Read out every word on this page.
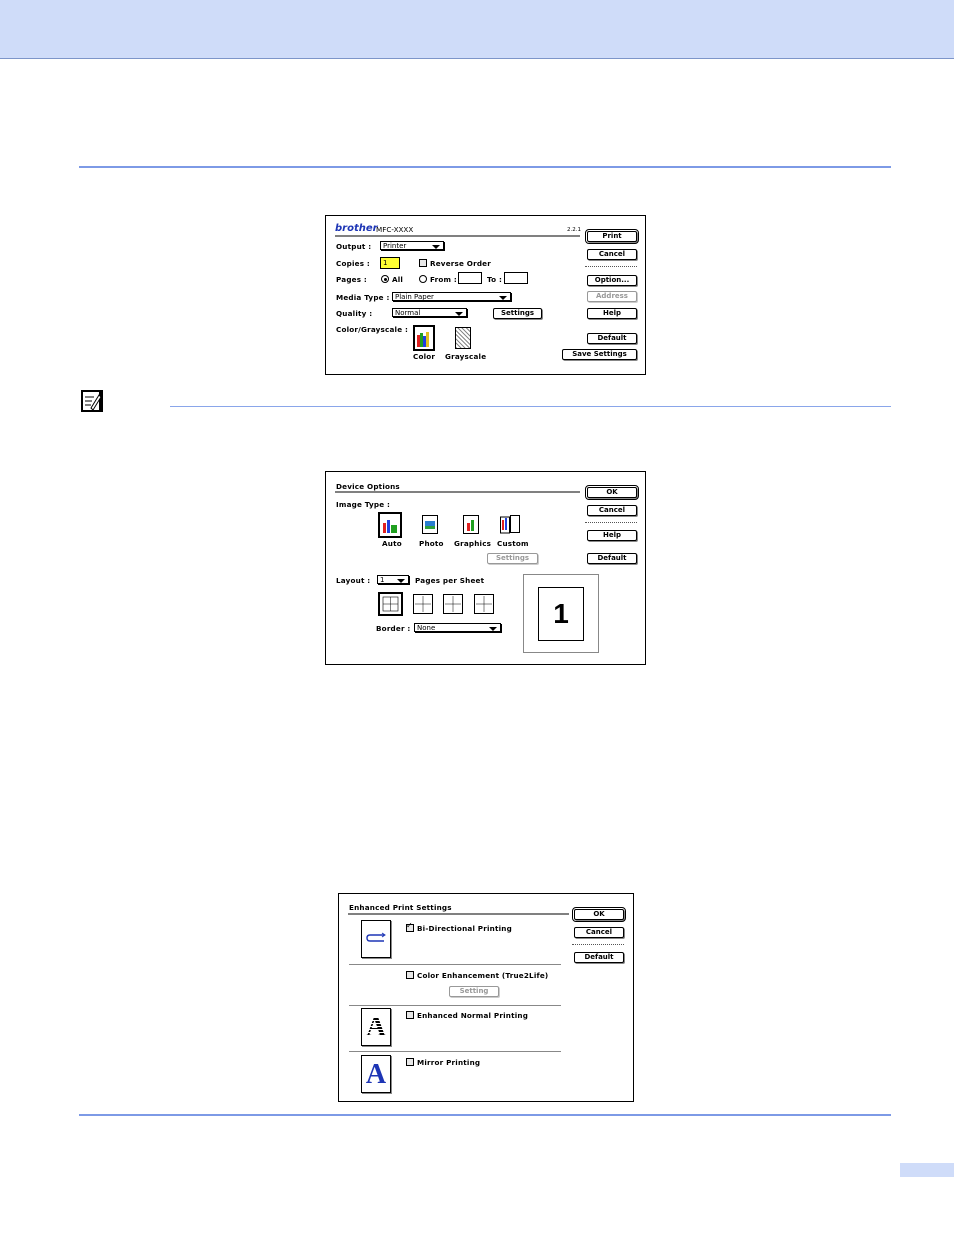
brother
MFC-XXXX	2.2.1
Output :	Printer
Copies :	1	Reverse Order
Pages :	All	From :	To :
Media Type : Plain Paper
Quality :	Normal	Settings
Color/Grayscale :
Color Grayscale
Print
Cancel
Option...
Address
Help
Default
Save Settings
Device Options
Image Type :
Auto Photo Graphics Custom
Settings
Layout :	1	Pages per Sheet
Border : None	1
OK
Cancel
Help
Default
Enhanced Print Settings
✓
Bi-Directional Printing
Color Enhancement (True2Life)
Setting
A	Enhanced Normal Printing
A	Mirror Printing
OK
Cancel
Default
